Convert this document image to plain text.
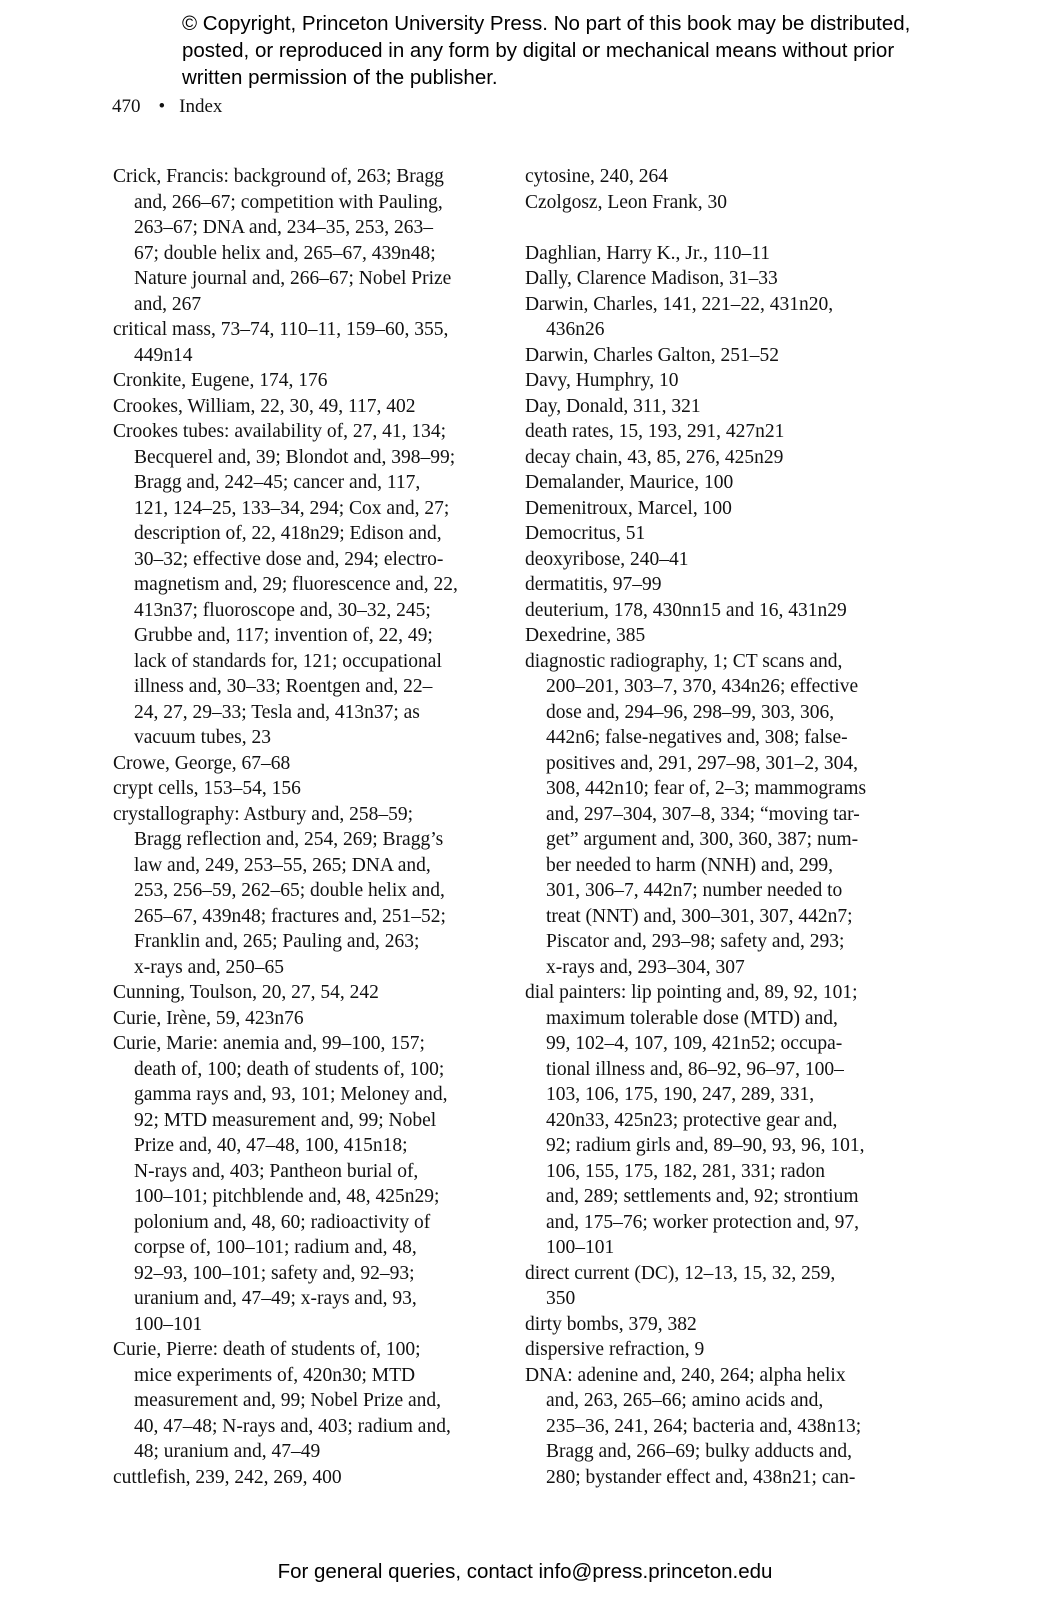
© Copyright, Princeton University Press. No part of this book may be distributed, posted, or reproduced in any form by digital or mechanical means without prior written permission of the publisher.
470 • Index
Crick, Francis: background of, 263; Bragg
and, 266–67; competition with Pauling,
263–67; DNA and, 234–35, 253, 263–
67; double helix and, 265–67, 439n48;
Nature journal and, 266–67; Nobel Prize
and, 267
critical mass, 73–74, 110–11, 159–60, 355,
449n14
Cronkite, Eugene, 174, 176
Crookes, William, 22, 30, 49, 117, 402
Crookes tubes: availability of, 27, 41, 134;
Becquerel and, 39; Blondot and, 398–99;
Bragg and, 242–45; cancer and, 117,
121, 124–25, 133–34, 294; Cox and, 27;
description of, 22, 418n29; Edison and,
30–32; effective dose and, 294; electro-
magnetism and, 29; fluorescence and, 22,
413n37; fluoroscope and, 30–32, 245;
Grubbe and, 117; invention of, 22, 49;
lack of standards for, 121; occupational
illness and, 30–33; Roentgen and, 22–
24, 27, 29–33; Tesla and, 413n37; as
vacuum tubes, 23
Crowe, George, 67–68
crypt cells, 153–54, 156
crystallography: Astbury and, 258–59;
Bragg reflection and, 254, 269; Bragg’s
law and, 249, 253–55, 265; DNA and,
253, 256–59, 262–65; double helix and,
265–67, 439n48; fractures and, 251–52;
Franklin and, 265; Pauling and, 263;
x-rays and, 250–65
Cunning, Toulson, 20, 27, 54, 242
Curie, Irène, 59, 423n76
Curie, Marie: anemia and, 99–100, 157;
death of, 100; death of students of, 100;
gamma rays and, 93, 101; Meloney and,
92; MTD measurement and, 99; Nobel
Prize and, 40, 47–48, 100, 415n18;
N-rays and, 403; Pantheon burial of,
100–101; pitchblende and, 48, 425n29;
polonium and, 48, 60; radioactivity of
corpse of, 100–101; radium and, 48,
92–93, 100–101; safety and, 92–93;
uranium and, 47–49; x-rays and, 93,
100–101
Curie, Pierre: death of students of, 100;
mice experiments of, 420n30; MTD
measurement and, 99; Nobel Prize and,
40, 47–48; N-rays and, 403; radium and,
48; uranium and, 47–49
cuttlefish, 239, 242, 269, 400
cytosine, 240, 264
Czolgosz, Leon Frank, 30
Daghlian, Harry K., Jr., 110–11
Dally, Clarence Madison, 31–33
Darwin, Charles, 141, 221–22, 431n20,
436n26
Darwin, Charles Galton, 251–52
Davy, Humphry, 10
Day, Donald, 311, 321
death rates, 15, 193, 291, 427n21
decay chain, 43, 85, 276, 425n29
Demalander, Maurice, 100
Demenitroux, Marcel, 100
Democritus, 51
deoxyribose, 240–41
dermatitis, 97–99
deuterium, 178, 430nn15 and 16, 431n29
Dexedrine, 385
diagnostic radiography, 1; CT scans and,
200–201, 303–7, 370, 434n26; effective
dose and, 294–96, 298–99, 303, 306,
442n6; false-negatives and, 308; false-
positives and, 291, 297–98, 301–2, 304,
308, 442n10; fear of, 2–3; mammograms
and, 297–304, 307–8, 334; “moving tar-
get” argument and, 300, 360, 387; num-
ber needed to harm (NNH) and, 299,
301, 306–7, 442n7; number needed to
treat (NNT) and, 300–301, 307, 442n7;
Piscator and, 293–98; safety and, 293;
x-rays and, 293–304, 307
dial painters: lip pointing and, 89, 92, 101;
maximum tolerable dose (MTD) and,
99, 102–4, 107, 109, 421n52; occupa-
tional illness and, 86–92, 96–97, 100–
103, 106, 175, 190, 247, 289, 331,
420n33, 425n23; protective gear and,
92; radium girls and, 89–90, 93, 96, 101,
106, 155, 175, 182, 281, 331; radon
and, 289; settlements and, 92; strontium
and, 175–76; worker protection and, 97,
100–101
direct current (DC), 12–13, 15, 32, 259,
350
dirty bombs, 379, 382
dispersive refraction, 9
DNA: adenine and, 240, 264; alpha helix
and, 263, 265–66; amino acids and,
235–36, 241, 264; bacteria and, 438n13;
Bragg and, 266–69; bulky adducts and,
280; bystander effect and, 438n21; can-
For general queries, contact info@press.princeton.edu
